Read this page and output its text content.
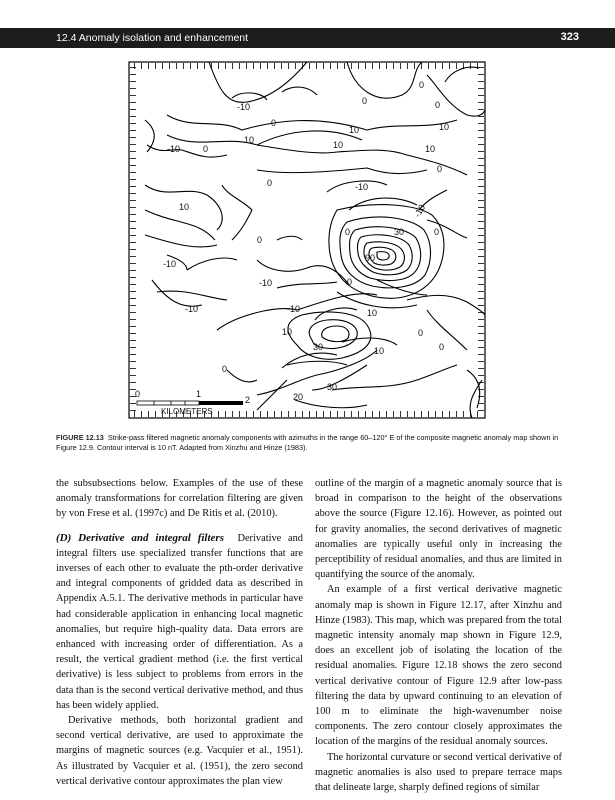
12.4 Anomaly isolation and enhancement	323
0
0
-10
0
0
10	10
-10	0
10	10	10
0
-10
0
10	-10
0	30	0
0
-10
90
-10	0
-10	-10	10
10	0
30	10	0
0
30
20
0	1
2
KILOMETERS
FIGURE 12.13 Strike-pass filtered magnetic anomaly components with azimuths in the range 60–120° E of the composite magnetic anomaly map shown in Figure 12.9. Contour interval is 10 nT. Adapted from Xinzhu and Hinze (1983).

the subsubsections below. Examples of the use of these anomaly transformations for correlation filtering are given by von Frese et al. (1997c) and De Ritis et al. (2010).

(D) Derivative and integral filters Derivative and integral filters use specialized transfer functions that are inverses of each other to evaluate the pth-order derivative and integral components of gridded data as described in Appendix A.5.1. The derivative methods in particular have had considerable application in enhancing local magnetic anomalies, but require high-quality data. Data errors are enhanced with increasing order of differentiation. As a result, the vertical gradient method (i.e. the first vertical derivative) is less subject to problems from errors in the data than is the second vertical derivative method, and thus has been widely applied.

Derivative methods, both horizontal gradient and second vertical derivative, are used to approximate the margins of magnetic sources (e.g. Vacquier et al., 1951). As illustrated by Vacquier et al. (1951), the zero second vertical derivative contour approximates the plan view

outline of the margin of a magnetic anomaly source that is broad in comparison to the height of the observations above the source (Figure 12.16). However, as pointed out for gravity anomalies, the second derivatives of magnetic anomalies are typically useful only in increasing the perceptibility of residual anomalies, and thus are limited in quantifying the source of the anomaly.

An example of a first vertical derivative magnetic anomaly map is shown in Figure 12.17, after Xinzhu and Hinze (1983). This map, which was prepared from the total magnetic intensity anomaly map shown in Figure 12.9, does an excellent job of isolating the location of the residual anomalies. Figure 12.18 shows the zero second vertical derivative contour of Figure 12.9 after low-pass filtering the data by upward continuing to an elevation of 100 m to eliminate the high-wavenumber noise components. The zero contour closely approximates the location of the margins of the residual anomaly sources.

The horizontal curvature or second vertical derivative of magnetic anomalies is also used to prepare terrace maps that delineate large, sharply defined regions of similar
